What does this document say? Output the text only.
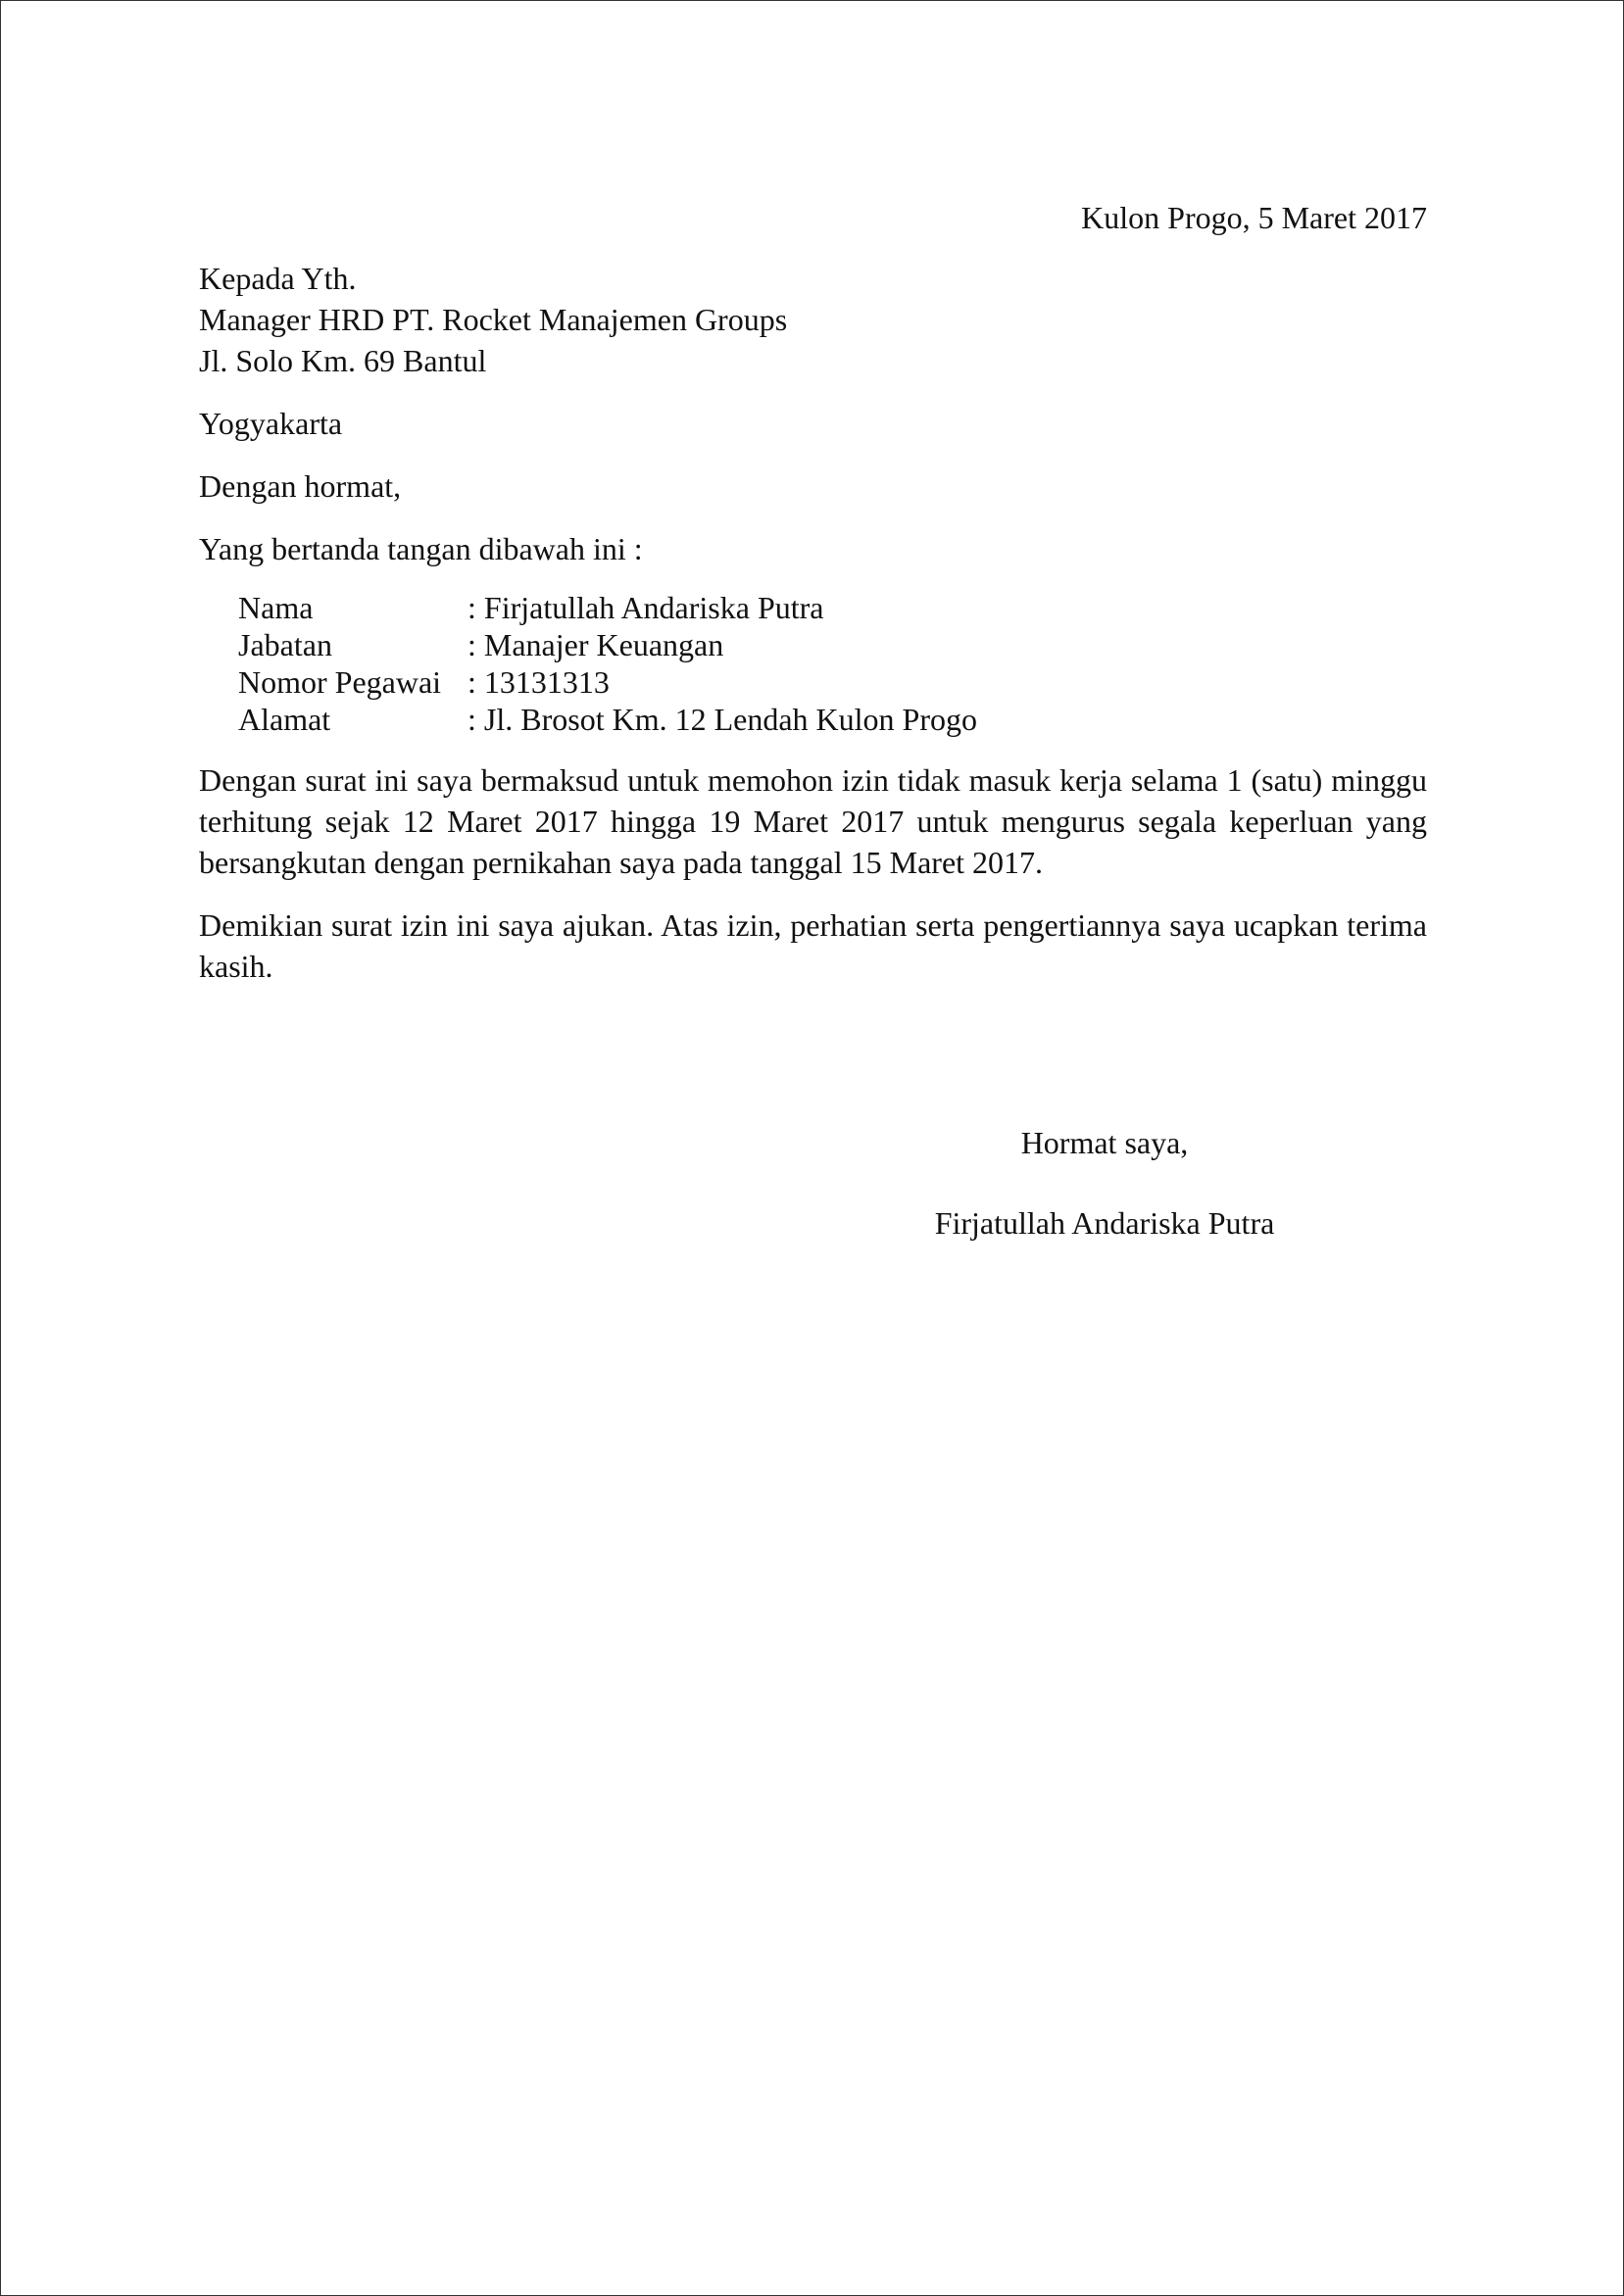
Kulon Progo, 5 Maret 2017

Kepada Yth.
Manager HRD PT. Rocket Manajemen Groups
Jl. Solo Km. 69 Bantul

Yogyakarta

Dengan hormat,

Yang bertanda tangan dibawah ini :

Nama	: Firjatullah Andariska Putra
Jabatan	: Manajer Keuangan
Nomor Pegawai	: 13131313
Alamat	: Jl. Brosot Km. 12 Lendah Kulon Progo

Dengan surat ini saya bermaksud untuk memohon izin tidak masuk kerja selama 1 (satu) minggu terhitung sejak 12 Maret 2017 hingga 19 Maret 2017 untuk mengurus segala keperluan yang bersangkutan dengan pernikahan saya pada tanggal 15 Maret 2017.

Demikian surat izin ini saya ajukan. Atas izin, perhatian serta pengertiannya saya ucapkan terima kasih.

Hormat saya,

Firjatullah Andariska Putra
